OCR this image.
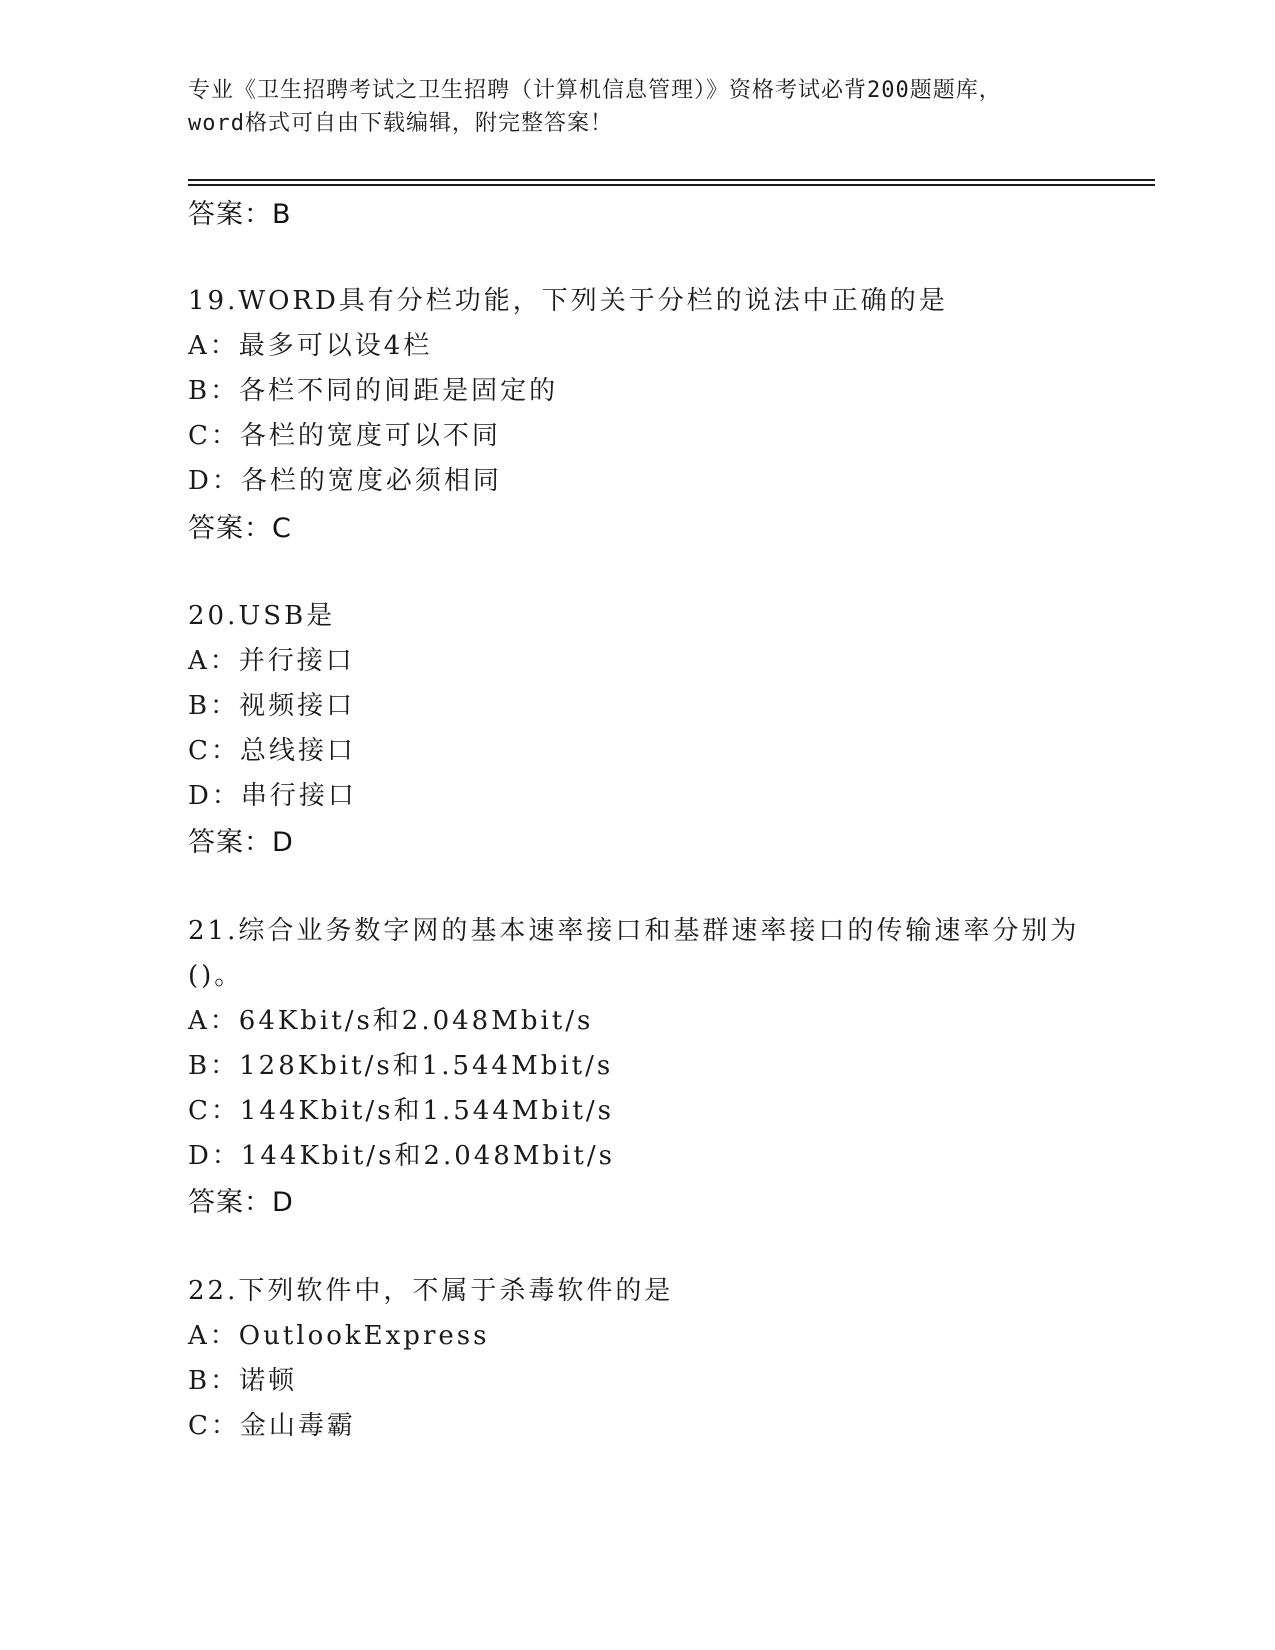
专业《卫生招聘考试之卫生招聘（计算机信息管理）》资格考试必背200题题库，
word格式可自由下载编辑，附完整答案！
答案：B
19.WORD具有分栏功能，下列关于分栏的说法中正确的是
A：最多可以设4栏
B：各栏不同的间距是固定的
C：各栏的宽度可以不同
D：各栏的宽度必须相同
答案：C
20.USB是
A：并行接口
B：视频接口
C：总线接口
D：串行接口
答案：D
21.综合业务数字网的基本速率接口和基群速率接口的传输速率分别为
()。
A：64Kbit/s和2.048Mbit/s
B：128Kbit/s和1.544Mbit/s
C：144Kbit/s和1.544Mbit/s
D：144Kbit/s和2.048Mbit/s
答案：D
22.下列软件中，不属于杀毒软件的是
A：OutlookExpress
B：诺顿
C：金山毒霸
